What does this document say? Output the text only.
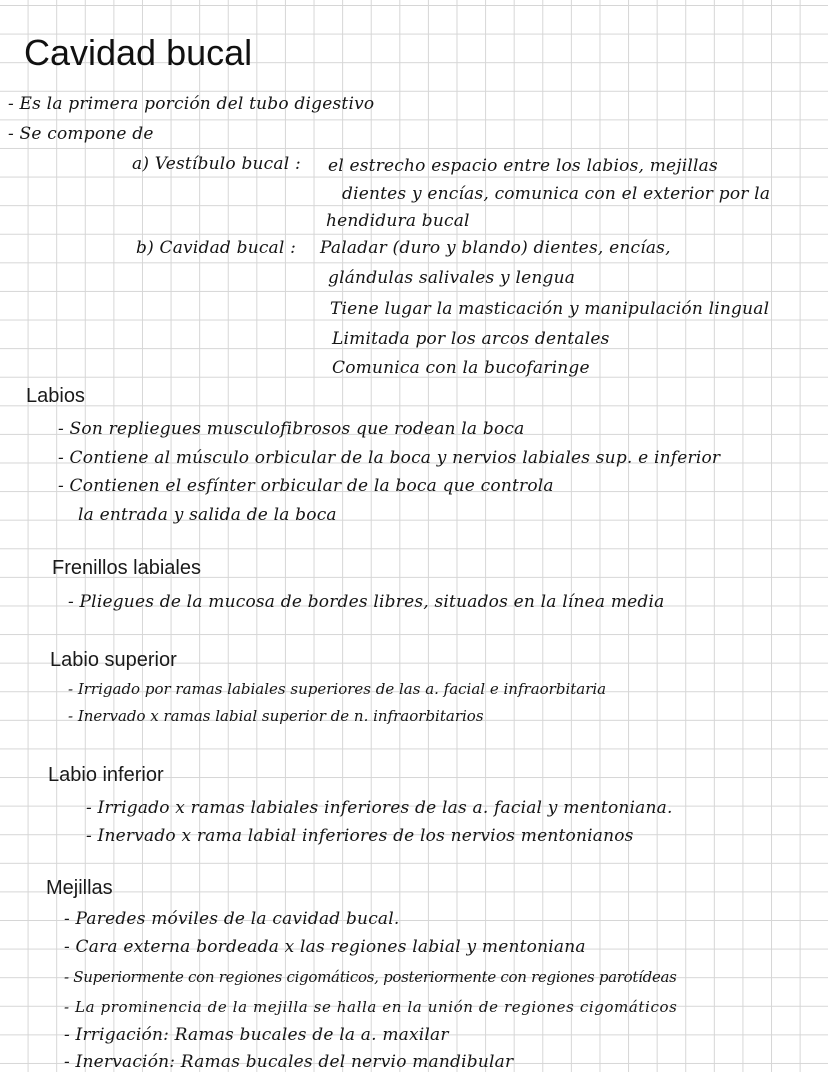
Cavidad bucal
- Es la primera porción del tubo digestivo
- Se compone de
a) Vestíbulo bucal : el estrecho espacio entre los labios, mejillas
dientes y encías, comunica con el exterior por la
hendidura bucal
b) Cavidad bucal : Paladar (duro y blando) dientes, encías,
glándulas salivales y lengua
Tiene lugar la masticación y manipulación lingual
Limitada por los arcos dentales
Comunica con la bucofaringe
Labios
- Son repliegues musculofibrosos que rodean la boca
- Contiene al músculo orbicular de la boca y nervios labiales sup. e inferior
- Contienen el esfínter orbicular de la boca que controla
la entrada y salida de la boca
Frenillos labiales
- Pliegues de la mucosa de bordes libres, situados en la línea media
Labio superior
- Irrigado por ramas labiales superiores de las a. facial e infraorbitaria
- Inervado x ramas labial superior de n. infraorbitarios
Labio inferior
- Irrigado x ramas labiales inferiores de las a. facial y mentoniana.
- Inervado x rama labial inferiores de los nervios mentonianos
Mejillas
- Paredes móviles de la cavidad bucal.
- Cara externa bordeada x las regiones labial y mentoniana
- Superiormente con regiones cigomáticos, posteriormente con regiones parotídeas
- La prominencia de la mejilla se halla en la unión de regiones cigomáticos
- Irrigación: Ramas bucales de la a. maxilar
- Inervación: Ramas bucales del nervio mandibular
